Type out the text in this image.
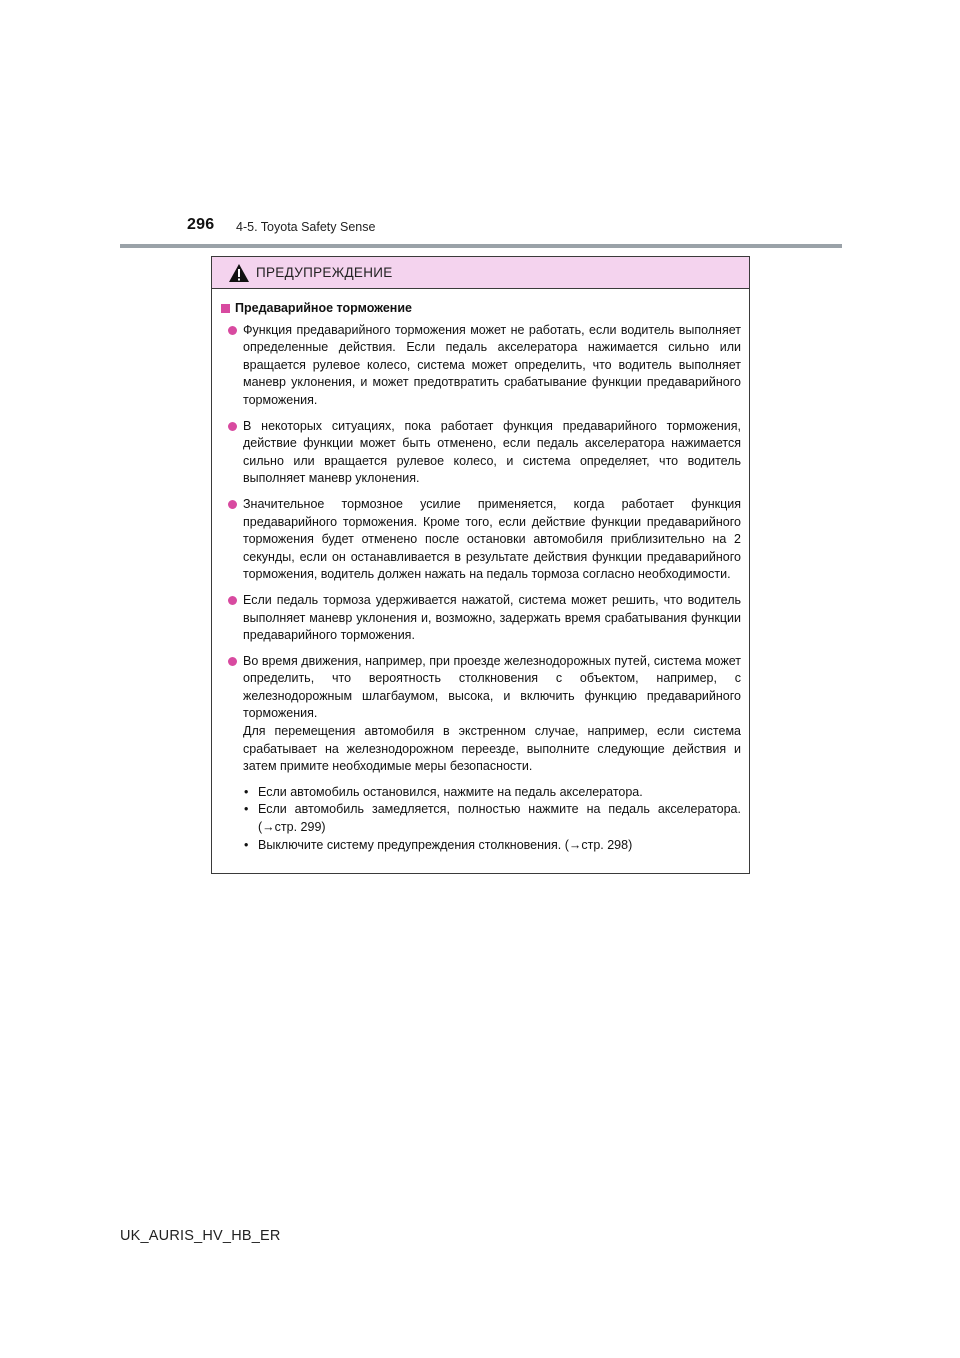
296 4-5. Toyota Safety Sense
ПРЕДУПРЕЖДЕНИЕ
Предаварийное торможение
Функция предаварийного торможения может не работать, если водитель выполняет определенные действия. Если педаль акселератора нажимается сильно или вращается рулевое колесо, система может определить, что водитель выполняет маневр уклонения, и может предотвратить срабатывание функции предаварийного торможения.
В некоторых ситуациях, пока работает функция предаварийного торможения, действие функции может быть отменено, если педаль акселератора нажимается сильно или вращается рулевое колесо, и система определяет, что водитель выполняет маневр уклонения.
Значительное тормозное усилие применяется, когда работает функция предаварийного торможения. Кроме того, если действие функции предаварийного торможения будет отменено после остановки автомобиля приблизительно на 2 секунды, если он останавливается в результате действия функции предаварийного торможения, водитель должен нажать на педаль тормоза согласно необходимости.
Если педаль тормоза удерживается нажатой, система может решить, что водитель выполняет маневр уклонения и, возможно, задержать время срабатывания функции предаварийного торможения.
Во время движения, например, при проезде железнодорожных путей, система может определить, что вероятность столкновения с объектом, например, с железнодорожным шлагбаумом, высока, и включить функцию предаварийного торможения.
Для перемещения автомобиля в экстренном случае, например, если система срабатывает на железнодорожном переезде, выполните следующие действия и затем примите необходимые меры безопасности.
• Если автомобиль остановился, нажмите на педаль акселератора.
• Если автомобиль замедляется, полностью нажмите на педаль акселератора. (→стр. 299)
• Выключите систему предупреждения столкновения. (→стр. 298)
UK_AURIS_HV_HB_ER
